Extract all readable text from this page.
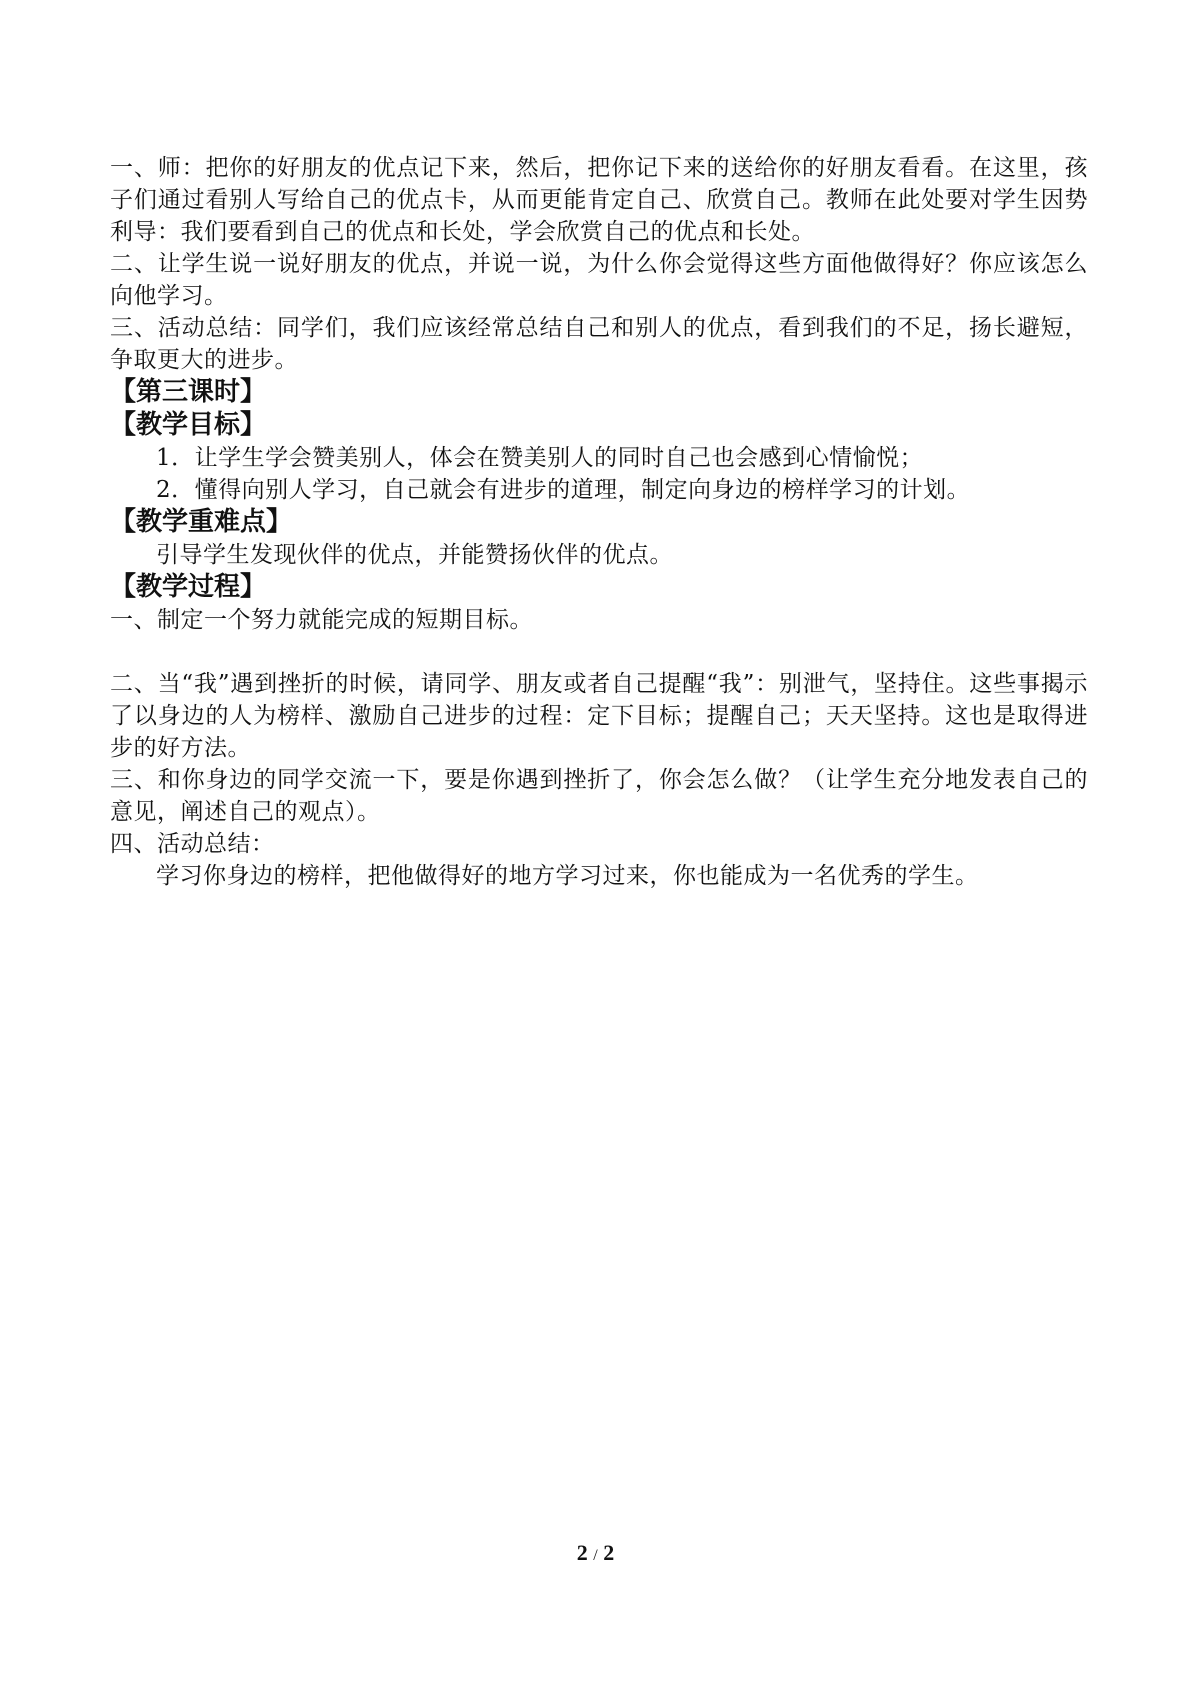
一、师：把你的好朋友的优点记下来，然后，把你记下来的送给你的好朋友看看。在这里，孩子们通过看别人写给自己的优点卡，从而更能肯定自己、欣赏自己。教师在此处要对学生因势利导：我们要看到自己的优点和长处，学会欣赏自己的优点和长处。

二、让学生说一说好朋友的优点，并说一说，为什么你会觉得这些方面他做得好？你应该怎么向他学习。

三、活动总结：同学们，我们应该经常总结自己和别人的优点，看到我们的不足，扬长避短，争取更大的进步。

【第三课时】

【教学目标】

1．让学生学会赞美别人，体会在赞美别人的同时自己也会感到心情愉悦；

2．懂得向别人学习，自己就会有进步的道理，制定向身边的榜样学习的计划。

【教学重难点】

引导学生发现伙伴的优点，并能赞扬伙伴的优点。

【教学过程】

一、制定一个努力就能完成的短期目标。

二、当“我”遇到挫折的时候，请同学、朋友或者自己提醒“我”：别泄气，坚持住。这些事揭示了以身边的人为榜样、激励自己进步的过程：定下目标；提醒自己；天天坚持。这也是取得进步的好方法。

三、和你身边的同学交流一下，要是你遇到挫折了，你会怎么做？（让学生充分地发表自己的意见，阐述自己的观点）。

四、活动总结：

学习你身边的榜样，把他做得好的地方学习过来，你也能成为一名优秀的学生。

2 / 2
